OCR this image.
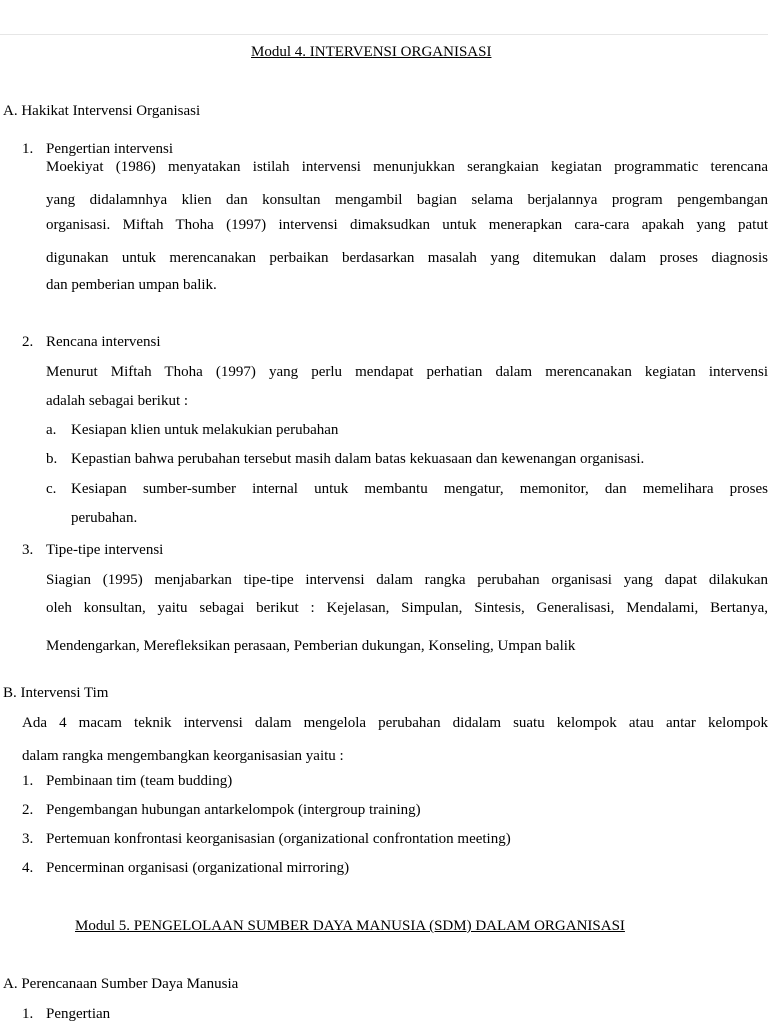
Modul 4. INTERVENSI ORGANISASI
A. Hakikat Intervensi Organisasi
1. Pengertian intervensi
Moekiyat (1986) menyatakan istilah intervensi menunjukkan serangkaian kegiatan programmatic terencana
yang didalamnhya klien dan konsultan mengambil bagian selama berjalannya program pengembangan
organisasi. Miftah Thoha (1997) intervensi dimaksudkan untuk menerapkan cara-cara apakah yang patut
digunakan untuk merencanakan perbaikan berdasarkan masalah yang ditemukan dalam proses diagnosis
dan pemberian umpan balik.
2. Rencana intervensi
Menurut Miftah Thoha (1997) yang perlu mendapat perhatian dalam merencanakan kegiatan intervensi
adalah sebagai berikut :
a. Kesiapan klien untuk melakukian perubahan
b. Kepastian bahwa perubahan tersebut masih dalam batas kekuasaan dan kewenangan organisasi.
c. Kesiapan sumber-sumber internal untuk membantu mengatur, memonitor, dan memelihara proses
perubahan.
3. Tipe-tipe intervensi
Siagian (1995) menjabarkan tipe-tipe intervensi dalam rangka perubahan organisasi yang dapat dilakukan
oleh konsultan, yaitu sebagai berikut : Kejelasan, Simpulan, Sintesis, Generalisasi, Mendalami, Bertanya,
Mendengarkan, Merefleksikan perasaan, Pemberian dukungan, Konseling, Umpan balik
B. Intervensi Tim
Ada 4 macam teknik intervensi dalam mengelola perubahan didalam suatu kelompok atau antar kelompok
dalam rangka mengembangkan keorganisasian yaitu :
1. Pembinaan tim (team budding)
2. Pengembangan hubungan antarkelompok (intergroup training)
3. Pertemuan konfrontasi keorganisasian (organizational confrontation meeting)
4. Pencerminan organisasi (organizational mirroring)
Modul 5. PENGELOLAAN SUMBER DAYA MANUSIA (SDM) DALAM ORGANISASI
A. Perencanaan Sumber Daya Manusia
1. Pengertian
